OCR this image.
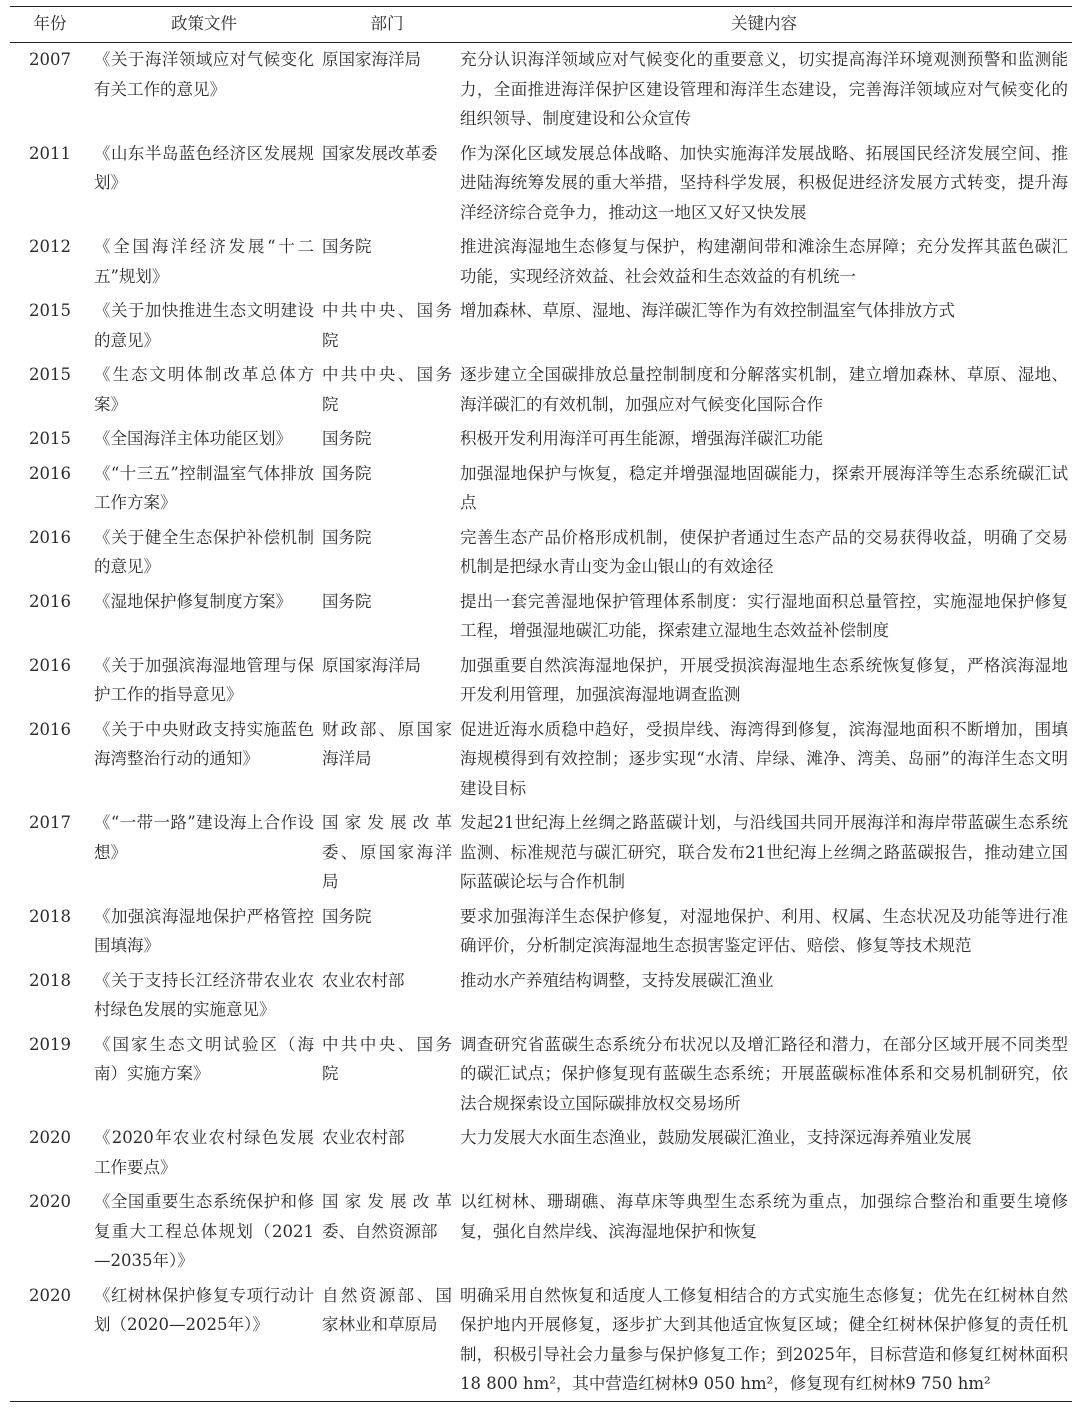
年份	政策文件	部门	关键内容
2007	《关于海洋领域应对气候变化有关工作的意见》	原国家海洋局	充分认识海洋领域应对气候变化的重要意义，切实提高海洋环境观测预警和监测能力，全面推进海洋保护区建设管理和海洋生态建设，完善海洋领域应对气候变化的组织领导、制度建设和公众宣传
2011	《山东半岛蓝色经济区发展规划》	国家发展改革委	作为深化区域发展总体战略、加快实施海洋发展战略、拓展国民经济发展空间、推进陆海统筹发展的重大举措，坚持科学发展，积极促进经济发展方式转变，提升海洋经济综合竞争力，推动这一地区又好又快发展
2012	《全国海洋经济发展“十二五”规划》	国务院	推进滨海湿地生态修复与保护，构建潮间带和滩涂生态屏障；充分发挥其蓝色碳汇功能，实现经济效益、社会效益和生态效益的有机统一
2015	《关于加快推进生态文明建设的意见》	中共中央、国务院	增加森林、草原、湿地、海洋碳汇等作为有效控制温室气体排放方式
2015	《生态文明体制改革总体方案》	中共中央、国务院	逐步建立全国碳排放总量控制制度和分解落实机制，建立增加森林、草原、湿地、海洋碳汇的有效机制，加强应对气候变化国际合作
2015	《全国海洋主体功能区划》	国务院	积极开发利用海洋可再生能源，增强海洋碳汇功能
2016	《“十三五”控制温室气体排放工作方案》	国务院	加强湿地保护与恢复，稳定并增强湿地固碳能力，探索开展海洋等生态系统碳汇试点
2016	《关于健全生态保护补偿机制的意见》	国务院	完善生态产品价格形成机制，使保护者通过生态产品的交易获得收益，明确了交易机制是把绿水青山变为金山银山的有效途径
2016	《湿地保护修复制度方案》	国务院	提出一套完善湿地保护管理体系制度：实行湿地面积总量管控，实施湿地保护修复工程，增强湿地碳汇功能，探索建立湿地生态效益补偿制度
2016	《关于加强滨海湿地管理与保护工作的指导意见》	原国家海洋局	加强重要自然滨海湿地保护，开展受损滨海湿地生态系统恢复修复，严格滨海湿地开发利用管理，加强滨海湿地调查监测
2016	《关于中央财政支持实施蓝色海湾整治行动的通知》	财政部、原国家海洋局	促进近海水质稳中趋好，受损岸线、海湾得到修复，滨海湿地面积不断增加，围填海规模得到有效控制；逐步实现“水清、岸绿、滩净、湾美、岛丽”的海洋生态文明建设目标
2017	《“一带一路”建设海上合作设想》	国家发展改革委、原国家海洋局	发起21世纪海上丝绸之路蓝碳计划，与沿线国共同开展海洋和海岸带蓝碳生态系统监测、标准规范与碳汇研究，联合发布21世纪海上丝绸之路蓝碳报告，推动建立国际蓝碳论坛与合作机制
2018	《加强滨海湿地保护严格管控围填海》	国务院	要求加强海洋生态保护修复，对湿地保护、利用、权属、生态状况及功能等进行准确评价，分析制定滨海湿地生态损害鉴定评估、赔偿、修复等技术规范
2018	《关于支持长江经济带农业农村绿色发展的实施意见》	农业农村部	推动水产养殖结构调整，支持发展碳汇渔业
2019	《国家生态文明试验区（海南）实施方案》	中共中央、国务院	调查研究省蓝碳生态系统分布状况以及增汇路径和潜力，在部分区域开展不同类型的碳汇试点；保护修复现有蓝碳生态系统；开展蓝碳标准体系和交易机制研究，依法合规探索设立国际碳排放权交易场所
2020	《2020年农业农村绿色发展工作要点》	农业农村部	大力发展大水面生态渔业，鼓励发展碳汇渔业，支持深远海养殖业发展
2020	《全国重要生态系统保护和修复重大工程总体规划（2021—2035年）》	国家发展改革委、自然资源部	以红树林、珊瑚礁、海草床等典型生态系统为重点，加强综合整治和重要生境修复，强化自然岸线、滨海湿地保护和恢复
2020	《红树林保护修复专项行动计划（2020—2025年）》	自然资源部、国家林业和草原局	明确采用自然恢复和适度人工修复相结合的方式实施生态修复；优先在红树林自然保护地内开展修复，逐步扩大到其他适宜恢复区域；健全红树林保护修复的责任机制，积极引导社会力量参与保护修复工作；到2025年，目标营造和修复红树林面积18 800 hm²，其中营造红树林9 050 hm²，修复现有红树林9 750 hm²
